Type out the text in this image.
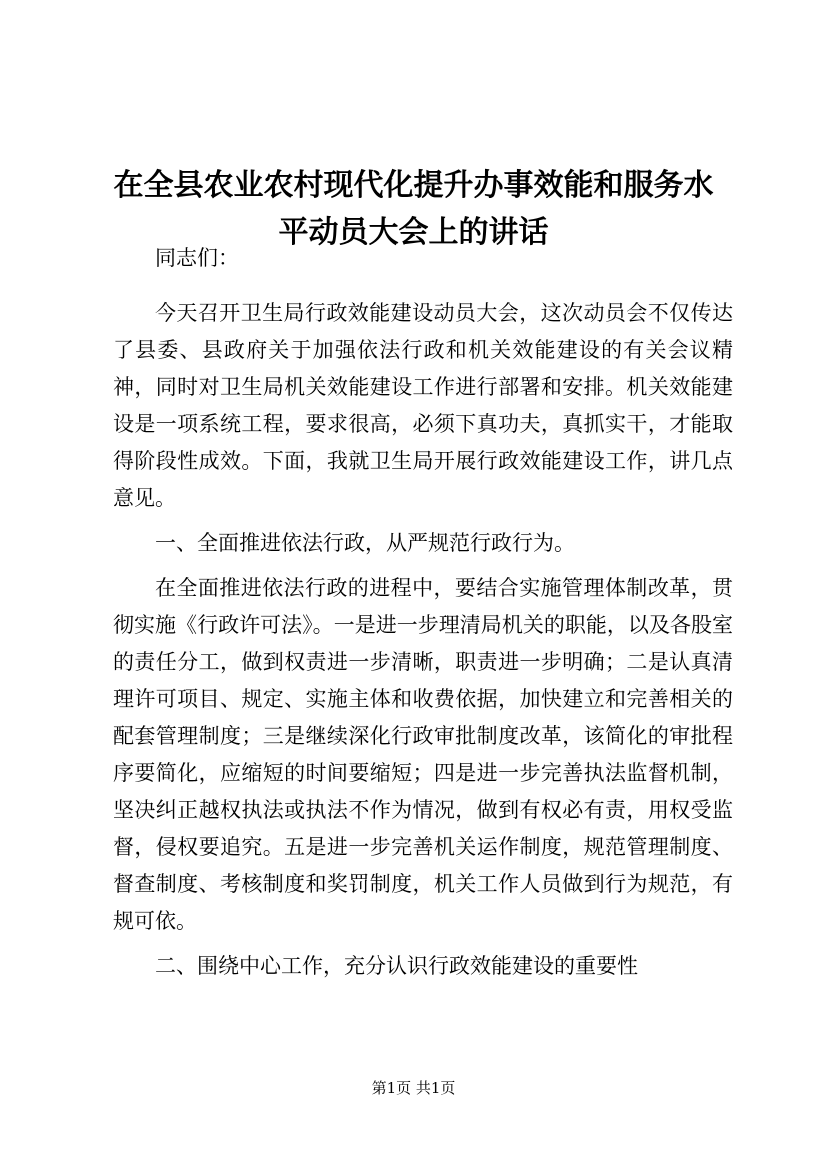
在全县农业农村现代化提升办事效能和服务水平动员大会上的讲话

同志们：

今天召开卫生局行政效能建设动员大会，这次动员会不仅传达了县委、县政府关于加强依法行政和机关效能建设的有关会议精神，同时对卫生局机关效能建设工作进行部署和安排。机关效能建设是一项系统工程，要求很高，必须下真功夫，真抓实干，才能取得阶段性成效。下面，我就卫生局开展行政效能建设工作，讲几点意见。

一、全面推进依法行政，从严规范行政行为。

在全面推进依法行政的进程中，要结合实施管理体制改革，贯彻实施《行政许可法》。一是进一步理清局机关的职能，以及各股室的责任分工，做到权责进一步清晰，职责进一步明确；二是认真清理许可项目、规定、实施主体和收费依据，加快建立和完善相关的配套管理制度；三是继续深化行政审批制度改革，该简化的审批程序要简化，应缩短的时间要缩短；四是进一步完善执法监督机制，坚决纠正越权执法或执法不作为情况，做到有权必有责，用权受监督，侵权要追究。五是进一步完善机关运作制度，规范管理制度、督查制度、考核制度和奖罚制度，机关工作人员做到行为规范，有规可依。

二、围绕中心工作，充分认识行政效能建设的重要性

第1页 共1页
